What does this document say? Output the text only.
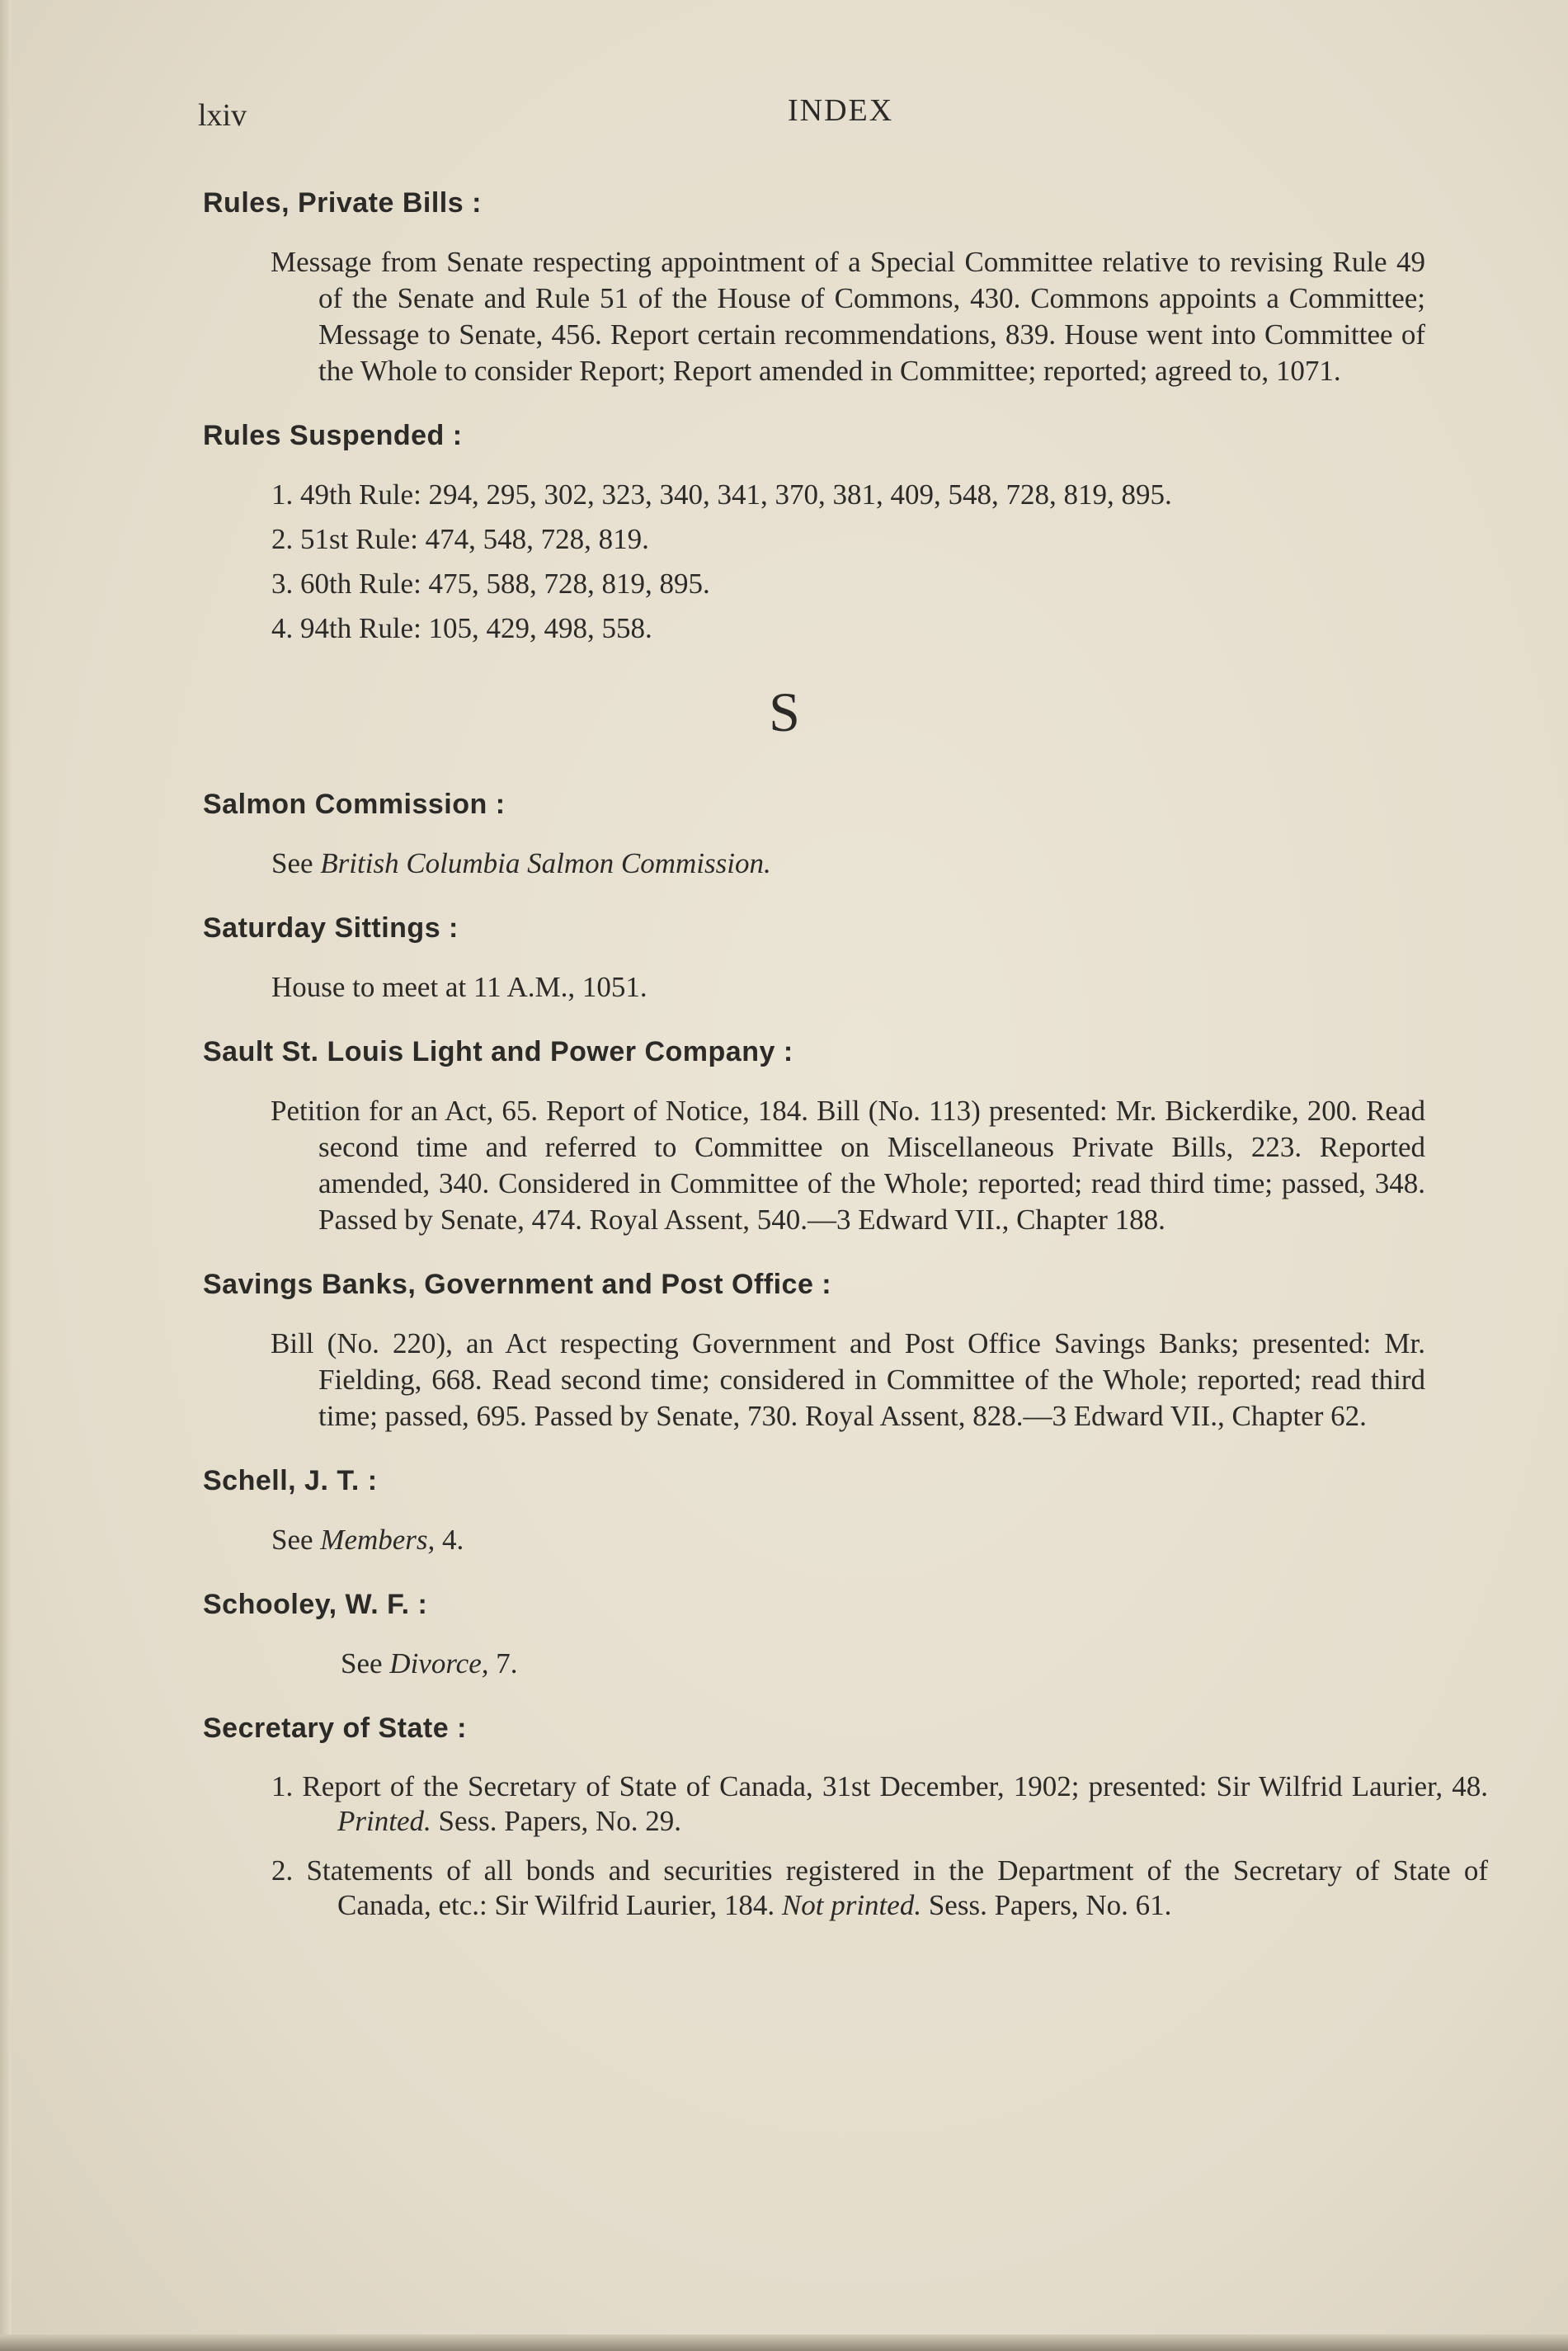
lxiv	INDEX
Rules, Private Bills :
Message from Senate respecting appointment of a Special Committee relative to revising Rule 49 of the Senate and Rule 51 of the House of Commons, 430. Commons appoints a Committee; Message to Senate, 456. Report certain recommendations, 839. House went into Committee of the Whole to consider Report; Report amended in Committee; reported; agreed to, 1071.
Rules Suspended :
1. 49th Rule: 294, 295, 302, 323, 340, 341, 370, 381, 409, 548, 728, 819, 895.
2. 51st Rule: 474, 548, 728, 819.
3. 60th Rule: 475, 588, 728, 819, 895.
4. 94th Rule: 105, 429, 498, 558.
S
Salmon Commission :
See British Columbia Salmon Commission.
Saturday Sittings :
House to meet at 11 A.M., 1051.
Sault St. Louis Light and Power Company :
Petition for an Act, 65. Report of Notice, 184. Bill (No. 113) presented: Mr. Bickerdike, 200. Read second time and referred to Committee on Miscellaneous Private Bills, 223. Reported amended, 340. Considered in Committee of the Whole; reported; read third time; passed, 348. Passed by Senate, 474. Royal Assent, 540.—3 Edward VII., Chapter 188.
Savings Banks, Government and Post Office :
Bill (No. 220), an Act respecting Government and Post Office Savings Banks; presented: Mr. Fielding, 668. Read second time; considered in Committee of the Whole; reported; read third time; passed, 695. Passed by Senate, 730. Royal Assent, 828.—3 Edward VII., Chapter 62.
Schell, J. T. :
See Members, 4.
Schooley, W. F. :
See Divorce, 7.
Secretary of State :
1. Report of the Secretary of State of Canada, 31st December, 1902; presented: Sir Wilfrid Laurier, 48. Printed. Sess. Papers, No. 29.
2. Statements of all bonds and securities registered in the Department of the Secretary of State of Canada, etc.: Sir Wilfrid Laurier, 184. Not printed. Sess. Papers, No. 61.
